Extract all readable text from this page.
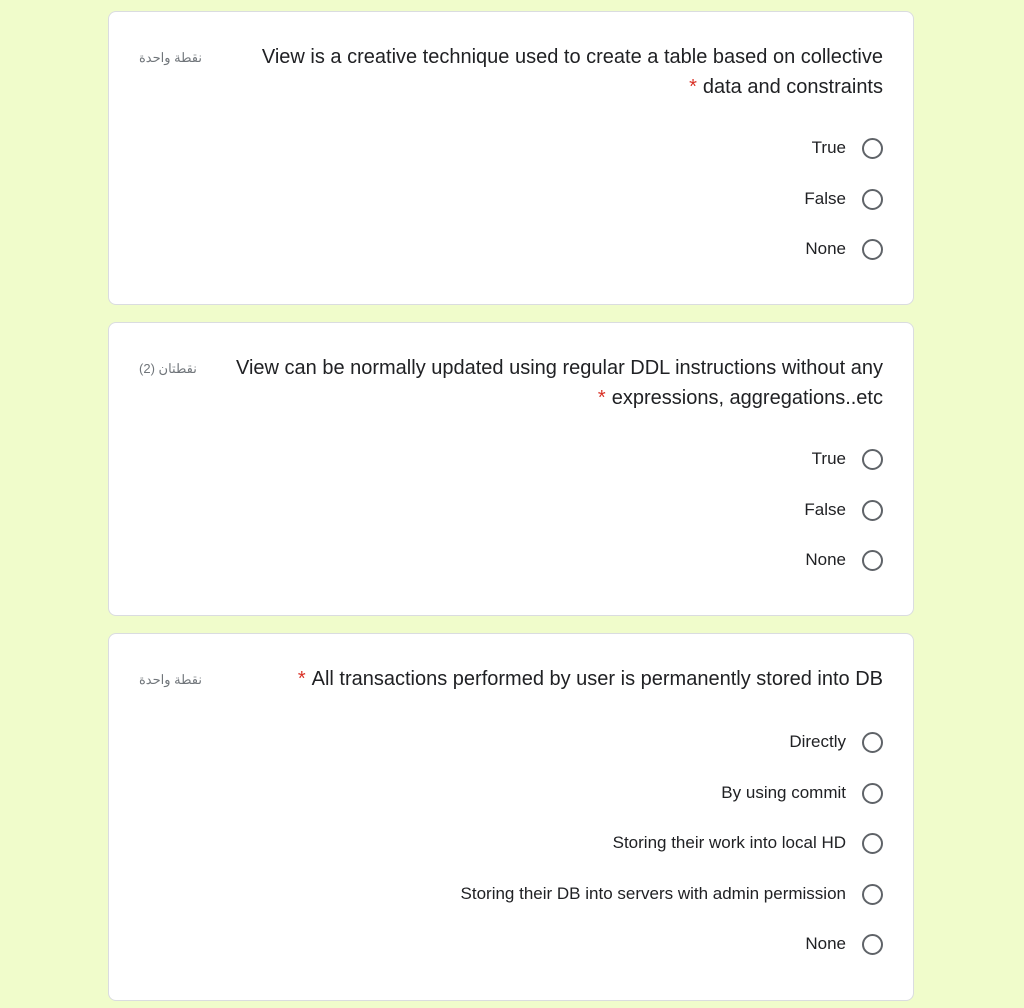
نقطة واحدة	View is a creative technique used to create a table based on collective
* data and constraints
True
False
None
نقطتان (2)	View can be normally updated using regular DDL instructions without any
* expressions, aggregations..etc
True
False
None
نقطة واحدة	* All transactions performed by user is permanently stored into DB
Directly
By using commit
Storing their work into local HD
Storing their DB into servers with admin permission
None
